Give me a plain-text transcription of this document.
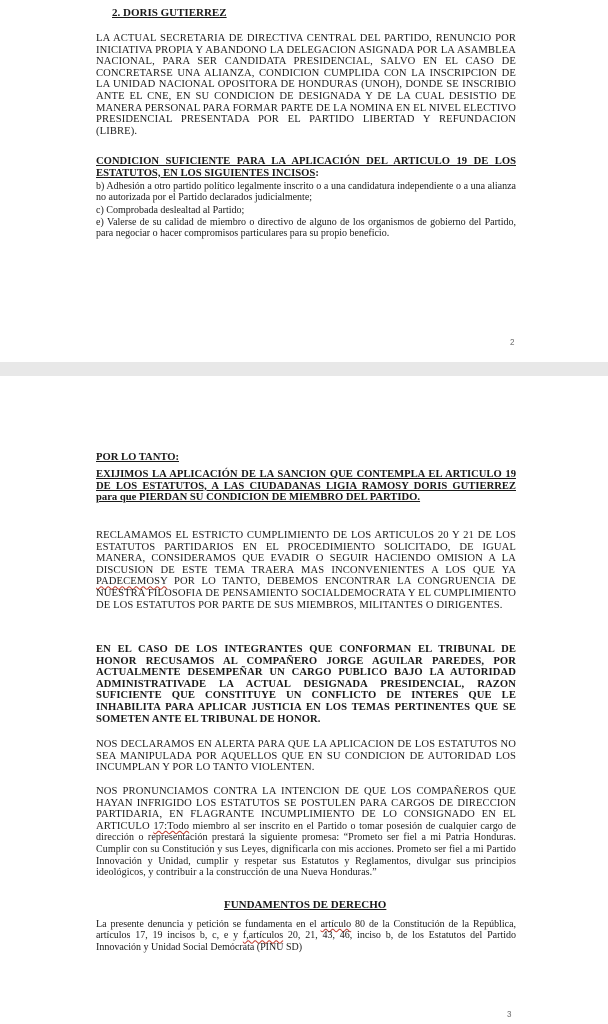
2. DORIS GUTIERREZ

LA ACTUAL SECRETARIA DE DIRECTIVA CENTRAL DEL PARTIDO, RENUNCIO POR INICIATIVA PROPIA Y ABANDONO LA DELEGACION ASIGNADA POR LA ASAMBLEA NACIONAL, PARA SER CANDIDATA PRESIDENCIAL, SALVO EN EL CASO DE CONCRETARSE UNA ALIANZA, CONDICION CUMPLIDA CON LA INSCRIPCION DE LA UNIDAD NACIONAL OPOSITORA DE HONDURAS (UNOH), DONDE SE INSCRIBIO ANTE EL CNE, EN SU CONDICION DE DESIGNADA Y DE LA CUAL DESISTIO DE MANERA PERSONAL PARA FORMAR PARTE DE LA NOMINA EN EL NIVEL ELECTIVO PRESIDENCIAL PRESENTADA POR EL PARTIDO LIBERTAD Y REFUNDACION (LIBRE).

CONDICION SUFICIENTE PARA LA APLICACIÓN DEL ARTICULO 19 DE LOS ESTATUTOS, EN LOS SIGUIENTES INCISOS:

b) Adhesión a otro partido político legalmente inscrito o a una candidatura independiente o a una alianza no autorizada por el Partido declarados judicialmente;

c) Comprobada deslealtad al Partido;

e) Valerse de su calidad de miembro o directivo de alguno de los organismos de gobierno del Partido, para negociar o hacer compromisos particulares para su propio beneficio.

2

POR LO TANTO:

EXIJIMOS LA APLICACIÓN DE LA SANCION QUE CONTEMPLA EL ARTICULO 19 DE LOS ESTATUTOS, A LAS CIUDADANAS LIGIA RAMOSY DORIS GUTIERREZ para que PIERDAN SU CONDICION DE MIEMBRO DEL PARTIDO.

RECLAMAMOS EL ESTRICTO CUMPLIMIENTO DE LOS ARTICULOS 20 Y 21 DE LOS ESTATUTOS PARTIDARIOS EN EL PROCEDIMIENTO SOLICITADO, DE IGUAL MANERA, CONSIDERAMOS QUE EVADIR O SEGUIR HACIENDO OMISION A LA DISCUSION DE ESTE TEMA TRAERA MAS INCONVENIENTES A LOS QUE YA PADECEMOSY POR LO TANTO, DEBEMOS ENCONTRAR LA CONGRUENCIA DE NUESTRA FILOSOFIA DE PENSAMIENTO SOCIALDEMOCRATA Y EL CUMPLIMIENTO DE LOS ESTATUTOS POR PARTE DE SUS MIEMBROS, MILITANTES O DIRIGENTES.

EN EL CASO DE LOS INTEGRANTES QUE CONFORMAN EL TRIBUNAL DE HONOR RECUSAMOS AL COMPAÑERO JORGE AGUILAR PAREDES, POR ACTUALMENTE DESEMPEÑAR UN CARGO PUBLICO BAJO LA AUTORIDAD ADMINISTRATIVADE LA ACTUAL DESIGNADA PRESIDENCIAL, RAZON SUFICIENTE QUE CONSTITUYE UN CONFLICTO DE INTERES QUE LE INHABILITA PARA APLICAR JUSTICIA EN LOS TEMAS PERTINENTES QUE SE SOMETEN ANTE EL TRIBUNAL DE HONOR.

NOS DECLARAMOS EN ALERTA PARA QUE LA APLICACION DE LOS ESTATUTOS NO SEA MANIPULADA POR AQUELLOS QUE EN SU CONDICION DE AUTORIDAD LOS INCUMPLAN Y POR LO TANTO VIOLENTEN.

NOS PRONUNCIAMOS CONTRA LA INTENCION DE QUE LOS COMPAÑEROS QUE HAYAN INFRIGIDO LOS ESTATUTOS SE POSTULEN PARA CARGOS DE DIRECCION PARTIDARIA, EN FLAGRANTE INCUMPLIMIENTO DE LO CONSIGNADO EN EL ARTICULO 17:Todo miembro al ser inscrito en el Partido o tomar posesión de cualquier cargo de dirección o representación prestará la siguiente promesa: “Prometo ser fiel a mi Patria Honduras. Cumplir con su Constitución y sus Leyes, dignificarla con mis acciones. Prometo ser fiel a mi Partido Innovación y Unidad, cumplir y respetar sus Estatutos y Reglamentos, divulgar sus principios ideológicos, y contribuir a la construcción de una Nueva Honduras.”

FUNDAMENTOS DE DERECHO

La presente denuncia y petición se fundamenta en el artículo 80 de la Constitución de la República, artículos 17, 19 incisos b, c, e y f,artículos 20, 21, 43, 46, inciso b, de los Estatutos del Partido Innovación y Unidad Social Demócrata (PINU SD)

3
